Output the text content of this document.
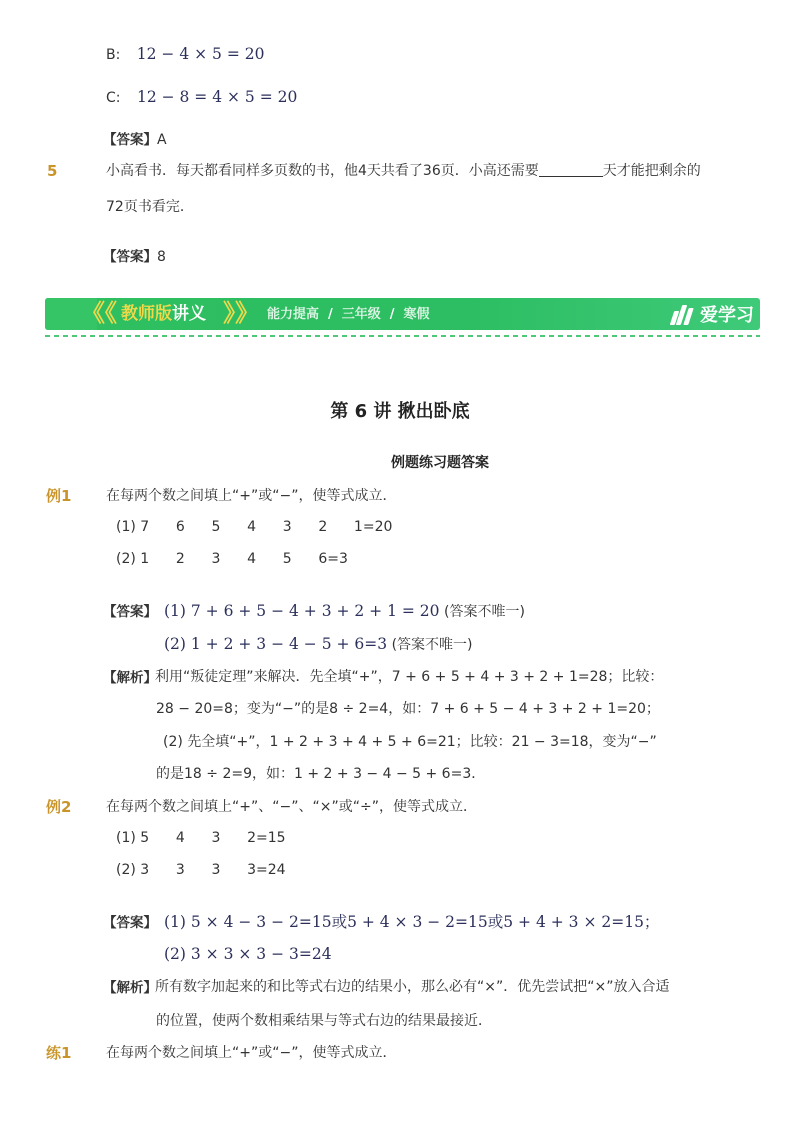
B: 12 − 4 × 5 = 20
C: 12 − 8 = 4 × 5 = 20
【答案】A
5	小高看书．每天都看同样多页数的书，他4天共看了36页．小高还需要	天才能把剩余的
72页书看完．
【答案】8
《《 教师版讲义 》》 能力提高 / 三年级 / 寒假	爱学习
第 6 讲 揪出卧底
例题练习题答案
例1 在每两个数之间填上“+”或“−”，使等式成立．
(1) 7      6      5      4      3      2      1=20
(2) 1      2      3      4      5      6=3
【答案】 (1) 7 + 6 + 5 − 4 + 3 + 2 + 1 = 20 (答案不唯一)
(2) 1 + 2 + 3 − 4 − 5 + 6=3 (答案不唯一)
【解析】
利用“叛徒定理”来解决．先全填“+”，7 + 6 + 5 + 4 + 3 + 2 + 1=28；比较：
28 − 20=8；变为“−”的是8 ÷ 2=4，如：7 + 6 + 5 − 4 + 3 + 2 + 1=20；
(2) 先全填“+”，1 + 2 + 3 + 4 + 5 + 6=21；比较：21 − 3=18，变为“−”
的是18 ÷ 2=9，如：1 + 2 + 3 − 4 − 5 + 6=3．
例2 在每两个数之间填上“+”、“−”、“×”或“÷”，使等式成立．
(1) 5      4      3      2=15
(2) 3      3      3      3=24
【答案】 (1) 5 × 4 − 3 − 2=15或5 + 4 × 3 − 2=15或5 + 4 + 3 × 2=15；
(2) 3 × 3 × 3 − 3=24
【解析】
所有数字加起来的和比等式右边的结果小，那么必有“×”．优先尝试把“×”放入合适
的位置，使两个数相乘结果与等式右边的结果最接近．
练1 在每两个数之间填上“+”或“−”，使等式成立．
